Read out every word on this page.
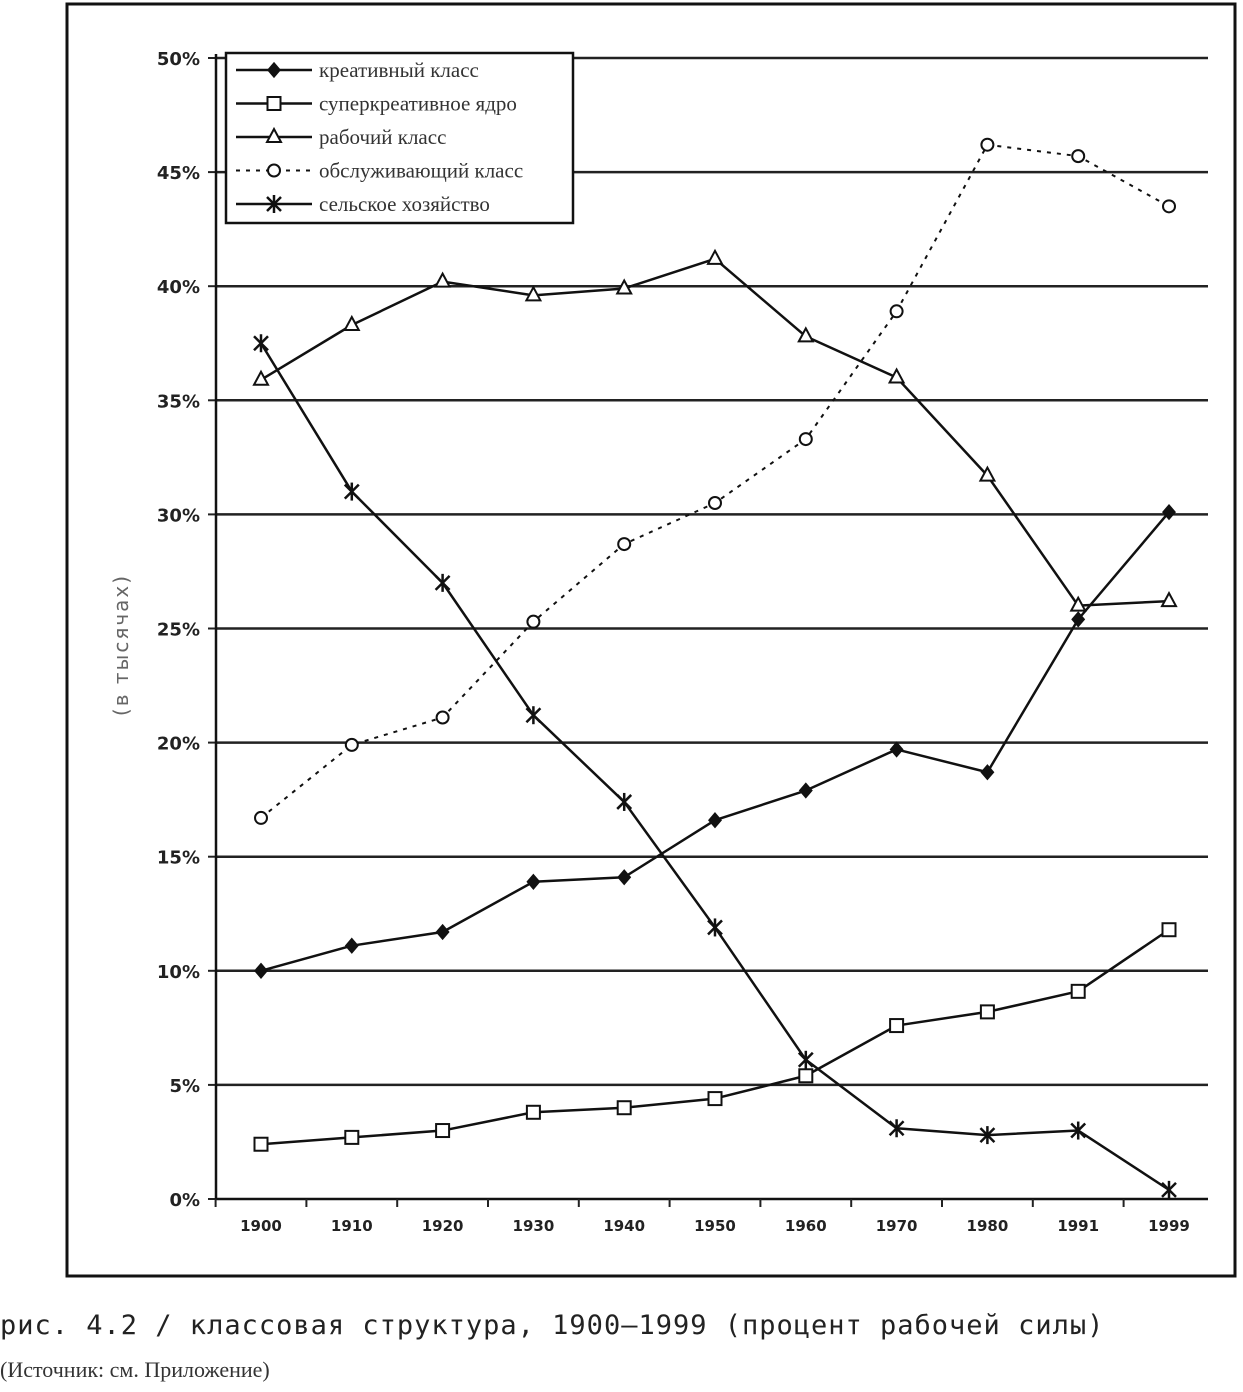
0%
5%
10%
15%
20%
25%
30%
35%
40%
45%
50%
1900	1910	1920	1930	1940	1950	1960	1970	1980	1991	1999
креативный класс
суперкреативное ядро
рабочий класс
обслуживающий класс
сельское хозяйство
(в тысячах)
рис. 4.2 / классовая структура, 1900–1999 (процент рабочей силы)
(Источник: см. Приложение)
